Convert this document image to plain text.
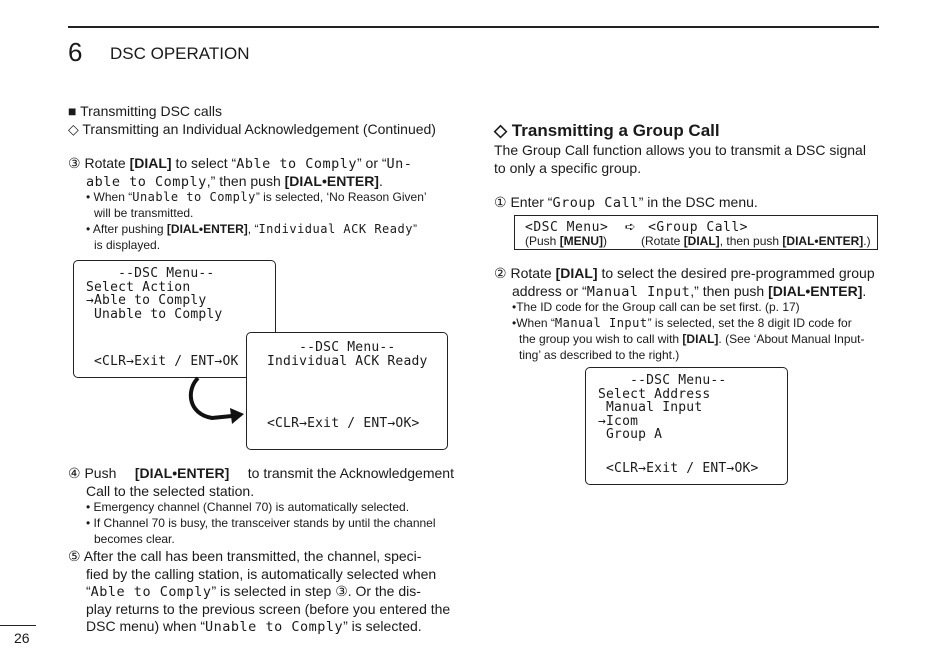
6 DSC OPERATION
26
■ Transmitting DSC calls
◇ Transmitting an Individual Acknowledgement (Continued)
③ Rotate [DIAL] to select “Able to Comply” or “Un-
able to Comply,” then push [DIAL•ENTER].
• When “Unable to Comply” is selected, ‘No Reason Given’
will be transmitted.
• After pushing [DIAL•ENTER], “Individual ACK Ready”
is displayed.
--DSC Menu--
Select Action
→Able to Comply
Unable to Comply
<CLR→Exit / ENT→OK
--DSC Menu--
Individual ACK Ready
<CLR→Exit / ENT→OK>
④ Push [DIAL•ENTER] to transmit the Acknowledgement
Call to the selected station.
• Emergency channel (Channel 70) is automatically selected.
• If Channel 70 is busy, the transceiver stands by until the channel
becomes clear.
⑤ After the call has been transmitted, the channel, speci-
fied by the calling station, is automatically selected when
“Able to Comply” is selected in step ③. Or the dis-
play returns to the previous screen (before you entered the
DSC menu) when “Unable to Comply” is selected.
◇ Transmitting a Group Call
The Group Call function allows you to transmit a DSC signal
to only a specific group.
① Enter “Group Call” in the DSC menu.
<DSC Menu> ➪ <Group Call>
(Push [MENU])	(Rotate [DIAL], then push [DIAL•ENTER].)
② Rotate [DIAL] to select the desired pre-programmed group
address or “Manual Input,” then push [DIAL•ENTER].
•The ID code for the Group call can be set first. (p. 17)
•When “Manual Input” is selected, set the 8 digit ID code for
the group you wish to call with [DIAL]. (See ‘About Manual Input-
ting’ as described to the right.)
--DSC Menu--
Select Address
Manual Input
→Icom
Group A
<CLR→Exit / ENT→OK>
